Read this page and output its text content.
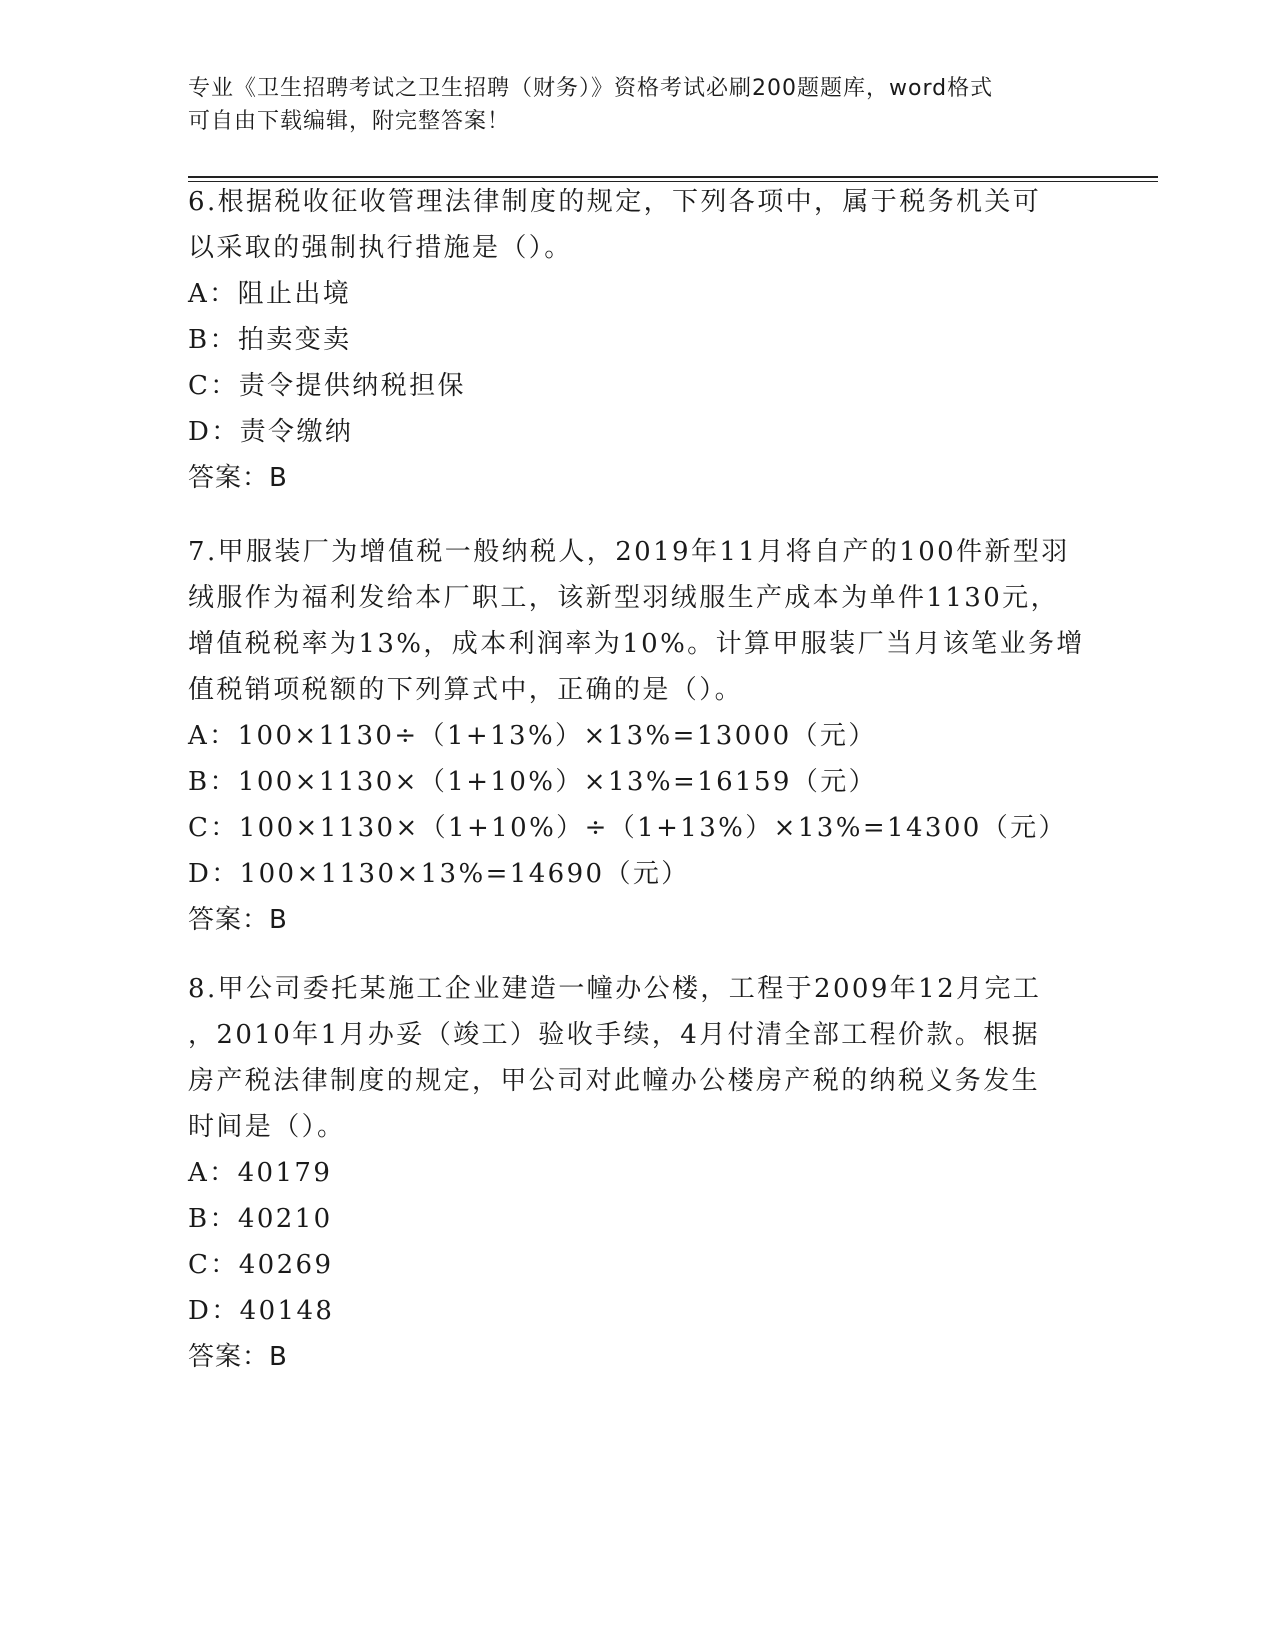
专业《卫生招聘考试之卫生招聘（财务）》资格考试必刷200题题库，word格式
可自由下载编辑，附完整答案！
6.根据税收征收管理法律制度的规定，下列各项中，属于税务机关可
以采取的强制执行措施是（）。
A：阻止出境
B：拍卖变卖
C：责令提供纳税担保
D：责令缴纳
答案：B
7.甲服装厂为增值税一般纳税人，2019年11月将自产的100件新型羽
绒服作为福利发给本厂职工，该新型羽绒服生产成本为单件1130元，
增值税税率为13%，成本利润率为10%。计算甲服装厂当月该笔业务增
值税销项税额的下列算式中，正确的是（）。
A：100×1130÷（1+13%）×13%=13000（元）
B：100×1130×（1+10%）×13%=16159（元）
C：100×1130×（1+10%）÷（1+13%）×13%=14300（元）
D：100×1130×13%=14690（元）
答案：B
8.甲公司委托某施工企业建造一幢办公楼，工程于2009年12月完工
，2010年1月办妥（竣工）验收手续，4月付清全部工程价款。根据
房产税法律制度的规定，甲公司对此幢办公楼房产税的纳税义务发生
时间是（）。
A：40179
B：40210
C：40269
D：40148
答案：B
